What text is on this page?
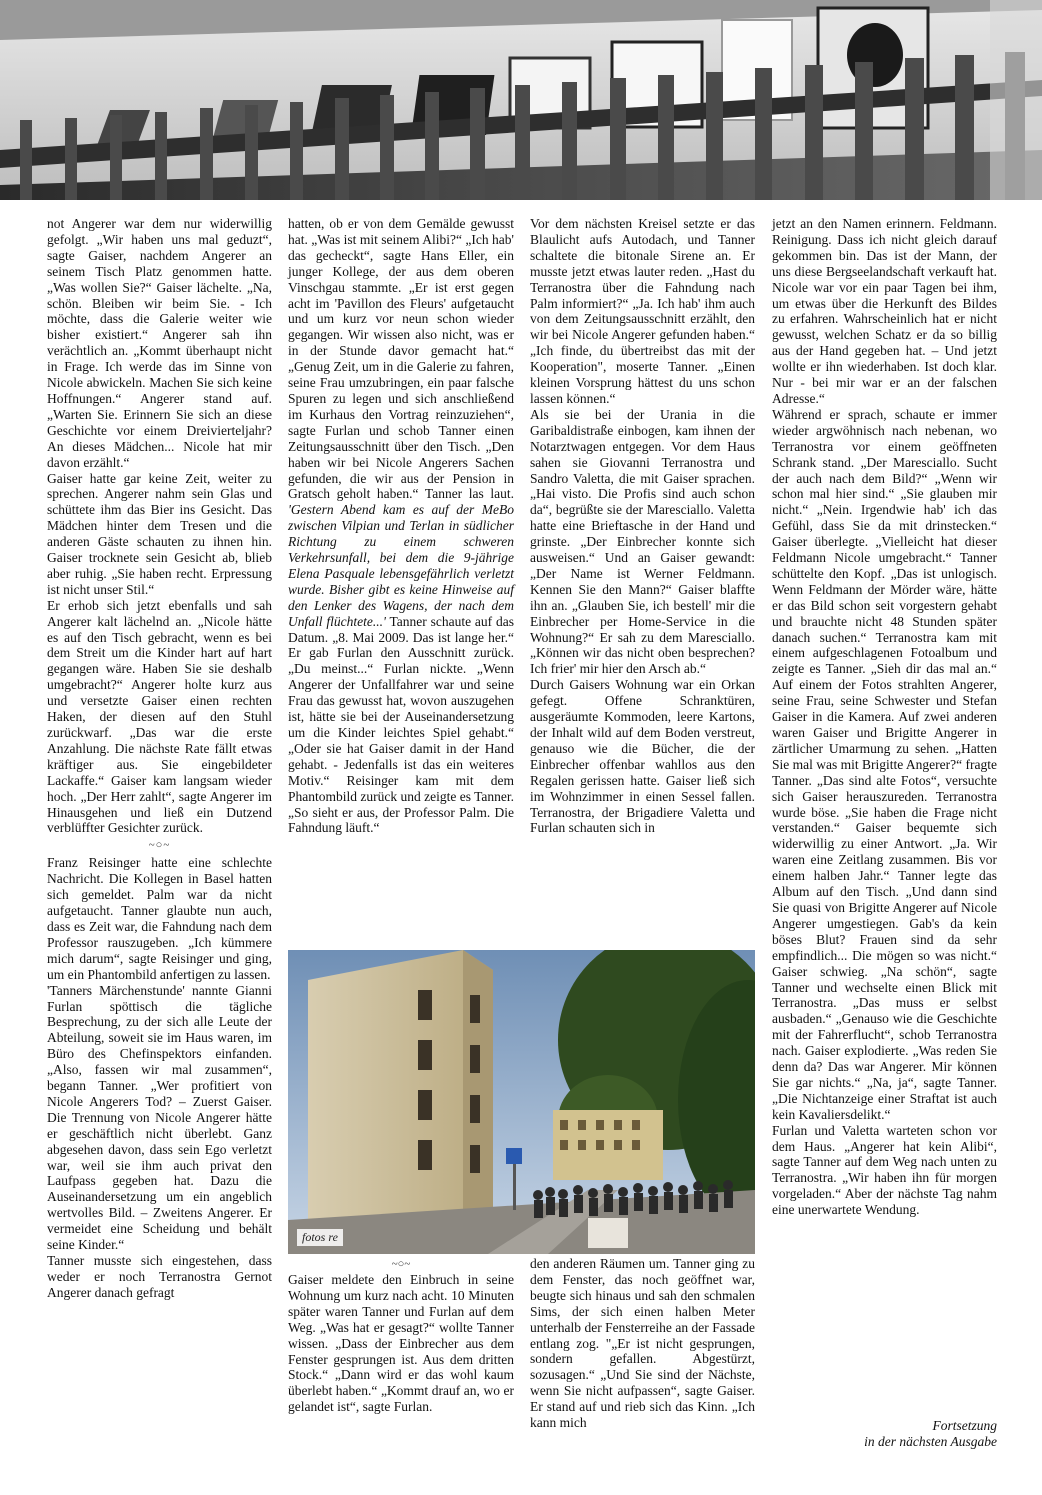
not Angerer war dem nur widerwillig gefolgt. „Wir haben uns mal geduzt“, sagte Gaiser, nachdem Angerer an seinem Tisch Platz genommen hatte. „Was wollen Sie?“ Gaiser lächelte. „Na, schön. Bleiben wir beim Sie. - Ich möchte, dass die Galerie weiter wie bisher existiert.“ Angerer sah ihn verächtlich an. „Kommt überhaupt nicht in Frage. Ich werde das im Sinne von Nicole abwickeln. Machen Sie sich keine Hoffnungen.“ Angerer stand auf. „Warten Sie. Erinnern Sie sich an diese Geschichte vor einem Dreivierteljahr? An dieses Mädchen... Nicole hat mir davon erzählt.“

Gaiser hatte gar keine Zeit, weiter zu sprechen. Angerer nahm sein Glas und schüttete ihm das Bier ins Gesicht. Das Mädchen hinter dem Tresen und die anderen Gäste schauten zu ihnen hin. Gaiser trocknete sein Gesicht ab, blieb aber ruhig. „Sie haben recht. Erpressung ist nicht unser Stil.“

Er erhob sich jetzt ebenfalls und sah Angerer kalt lächelnd an. „Nicole hätte es auf den Tisch gebracht, wenn es bei dem Streit um die Kinder hart auf hart gegangen wäre. Haben Sie sie deshalb umgebracht?“ Angerer holte kurz aus und versetzte Gaiser einen rechten Haken, der diesen auf den Stuhl zurückwarf. „Das war die erste Anzahlung. Die nächste Rate fällt etwas kräftiger aus. Sie eingebildeter Lackaffe.“ Gaiser kam langsam wieder hoch. „Der Herr zahlt“, sagte Angerer im Hinausgehen und ließ ein Dutzend verblüffter Gesichter zurück.

~○~

Franz Reisinger hatte eine schlechte Nachricht. Die Kollegen in Basel hatten sich gemeldet. Palm war da nicht aufgetaucht. Tanner glaubte nun auch, dass es Zeit war, die Fahndung nach dem Professor rauszugeben. „Ich kümmere mich darum“, sagte Reisinger und ging, um ein Phantombild anfertigen zu lassen.

'Tanners Märchenstunde' nannte Gianni Furlan spöttisch die tägliche Besprechung, zu der sich alle Leute der Abteilung, soweit sie im Haus waren, im Büro des Chefinspektors einfanden. „Also, fassen wir mal zusammen“, begann Tanner. „Wer profitiert von Nicole Angerers Tod? – Zuerst Gaiser. Die Trennung von Nicole Angerer hätte er geschäftlich nicht überlebt. Ganz abgesehen davon, dass sein Ego verletzt war, weil sie ihm auch privat den Laufpass gegeben hat. Dazu die Auseinandersetzung um ein angeblich wertvolles Bild. – Zweitens Angerer. Er vermeidet eine Scheidung und behält seine Kinder.“

Tanner musste sich eingestehen, dass weder er noch Terranostra Gernot Angerer danach gefragt

hatten, ob er von dem Gemälde gewusst hat. „Was ist mit seinem Alibi?“ „Ich hab' das gecheckt“, sagte Hans Eller, ein junger Kollege, der aus dem oberen Vinschgau stammte. „Er ist erst gegen acht im 'Pavillon des Fleurs' aufgetaucht und um kurz vor neun schon wieder gegangen. Wir wissen also nicht, was er in der Stunde davor gemacht hat.“ „Genug Zeit, um in die Galerie zu fahren, seine Frau umzubringen, ein paar falsche Spuren zu legen und sich anschließend im Kurhaus den Vortrag reinzuziehen“, sagte Furlan und schob Tanner einen Zeitungsausschnitt über den Tisch. „Den haben wir bei Nicole Angerers Sachen gefunden, die wir aus der Pension in Gratsch geholt haben.“ Tanner las laut. 'Gestern Abend kam es auf der MeBo zwischen Vilpian und Terlan in südlicher Richtung zu einem schweren Verkehrsunfall, bei dem die 9-jährige Elena Pasquale lebensgefährlich verletzt wurde. Bisher gibt es keine Hinweise auf den Lenker des Wagens, der nach dem Unfall flüchtete...' Tanner schaute auf das Datum. „8. Mai 2009. Das ist lange her.“ Er gab Furlan den Ausschnitt zurück. „Du meinst...“ Furlan nickte. „Wenn Angerer der Unfallfahrer war und seine Frau das gewusst hat, wovon auszugehen ist, hätte sie bei der Auseinandersetzung um die Kinder leichtes Spiel gehabt.“ „Oder sie hat Gaiser damit in der Hand gehabt. - Jedenfalls ist das ein weiteres Motiv.“ Reisinger kam mit dem Phantombild zurück und zeigte es Tanner. „So sieht er aus, der Professor Palm. Die Fahndung läuft.“

Vor dem nächsten Kreisel setzte er das Blaulicht aufs Autodach, und Tanner schaltete die bitonale Sirene an. Er musste jetzt etwas lauter reden. „Hast du Terranostra über die Fahndung nach Palm informiert?“ „Ja. Ich hab' ihm auch von dem Zeitungsausschnitt erzählt, den wir bei Nicole Angerer gefunden haben.“ „Ich finde, du übertreibst das mit der Kooperation", moserte Tanner. „Einen kleinen Vorsprung hättest du uns schon lassen können.“

Als sie bei der Urania in die Garibaldistraße einbogen, kam ihnen der Notarztwagen entgegen. Vor dem Haus sahen sie Giovanni Terranostra und Sandro Valetta, die mit Gaiser sprachen. „Hai visto. Die Profis sind auch schon da“, begrüßte sie der Maresciallo. Valetta hatte eine Brieftasche in der Hand und grinste. „Der Einbrecher konnte sich ausweisen.“ Und an Gaiser gewandt: „Der Name ist Werner Feldmann. Kennen Sie den Mann?“ Gaiser blaffte ihn an. „Glauben Sie, ich bestell' mir die Einbrecher per Home-Service in die Wohnung?“ Er sah zu dem Maresciallo. „Können wir das nicht oben besprechen? Ich frier' mir hier den Arsch ab.“

Durch Gaisers Wohnung war ein Orkan gefegt. Offene Schranktüren, ausgeräumte Kommoden, leere Kartons, der Inhalt wild auf dem Boden verstreut, genauso wie die Bücher, die der Einbrecher offenbar wahllos aus den Regalen gerissen hatte. Gaiser ließ sich im Wohnzimmer in einen Sessel fallen. Terranostra, der Brigadiere Valetta und Furlan schauten sich in

jetzt an den Namen erinnern. Feldmann. Reinigung. Dass ich nicht gleich darauf gekommen bin. Das ist der Mann, der uns diese Bergseelandschaft verkauft hat. Nicole war vor ein paar Tagen bei ihm, um etwas über die Herkunft des Bildes zu erfahren. Wahrscheinlich hat er nicht gewusst, welchen Schatz er da so billig aus der Hand gegeben hat. – Und jetzt wollte er ihn wiederhaben. Ist doch klar. Nur - bei mir war er an der falschen Adresse.“

Während er sprach, schaute er immer wieder argwöhnisch nach nebenan, wo Terranostra vor einem geöffneten Schrank stand. „Der Maresciallo. Sucht der auch nach dem Bild?“ „Wenn wir schon mal hier sind.“ „Sie glauben mir nicht.“ „Nein. Irgendwie hab' ich das Gefühl, dass Sie da mit drinstecken.“ Gaiser überlegte. „Vielleicht hat dieser Feldmann Nicole umgebracht.“ Tanner schüttelte den Kopf. „Das ist unlogisch. Wenn Feldmann der Mörder wäre, hätte er das Bild schon seit vorgestern gehabt und brauchte nicht 48 Stunden später danach suchen.“ Terranostra kam mit einem aufgeschlagenen Fotoalbum und zeigte es Tanner. „Sieh dir das mal an.“ Auf einem der Fotos strahlten Angerer, seine Frau, seine Schwester und Stefan Gaiser in die Kamera. Auf zwei anderen waren Gaiser und Brigitte Angerer in zärtlicher Umarmung zu sehen. „Hatten Sie mal was mit Brigitte Angerer?“ fragte Tanner. „Das sind alte Fotos“, versuchte sich Gaiser herauszureden. Terranostra wurde böse. „Sie haben die Frage nicht verstanden.“ Gaiser bequemte sich widerwillig zu einer Antwort. „Ja. Wir waren eine Zeitlang zusammen. Bis vor einem halben Jahr.“ Tanner legte das Album auf den Tisch. „Und dann sind Sie quasi von Brigitte Angerer auf Nicole Angerer umgestiegen. Gab's da kein böses Blut? Frauen sind da sehr empfindlich... Die mögen so was nicht.“ Gaiser schwieg. „Na schön“, sagte Tanner und wechselte einen Blick mit Terranostra. „Das muss er selbst ausbaden.“ „Genauso wie die Geschichte mit der Fahrerflucht“, schob Terranostra nach. Gaiser explodierte. „Was reden Sie denn da? Das war Angerer. Mir können Sie gar nichts.“ „Na, ja“, sagte Tanner. „Die Nichtanzeige einer Straftat ist auch kein Kavaliersdelikt.“

Furlan und Valetta warteten schon vor dem Haus. „Angerer hat kein Alibi“, sagte Tanner auf dem Weg nach unten zu Terranostra. „Wir haben ihn für morgen vorgeladen.“ Aber der nächste Tag nahm eine unerwartete Wendung.

fotos re
~○~

Gaiser meldete den Einbruch in seine Wohnung um kurz nach acht. 10 Minuten später waren Tanner und Furlan auf dem Weg. „Was hat er gesagt?“ wollte Tanner wissen. „Dass der Einbrecher aus dem Fenster gesprungen ist. Aus dem dritten Stock.“ „Dann wird er das wohl kaum überlebt haben.“ „Kommt drauf an, wo er gelandet ist“, sagte Furlan.

den anderen Räumen um. Tanner ging zu dem Fenster, das noch geöffnet war, beugte sich hinaus und sah den schmalen Sims, der sich einen halben Meter unterhalb der Fensterreihe an der Fassade entlang zog. "„Er ist nicht gesprungen, sondern gefallen. Abgestürzt, sozusagen.“ „Und Sie sind der Nächste, wenn Sie nicht aufpassen“, sagte Gaiser. Er stand auf und rieb sich das Kinn. „Ich kann mich	Fortsetzung
in der nächsten Ausgabe
